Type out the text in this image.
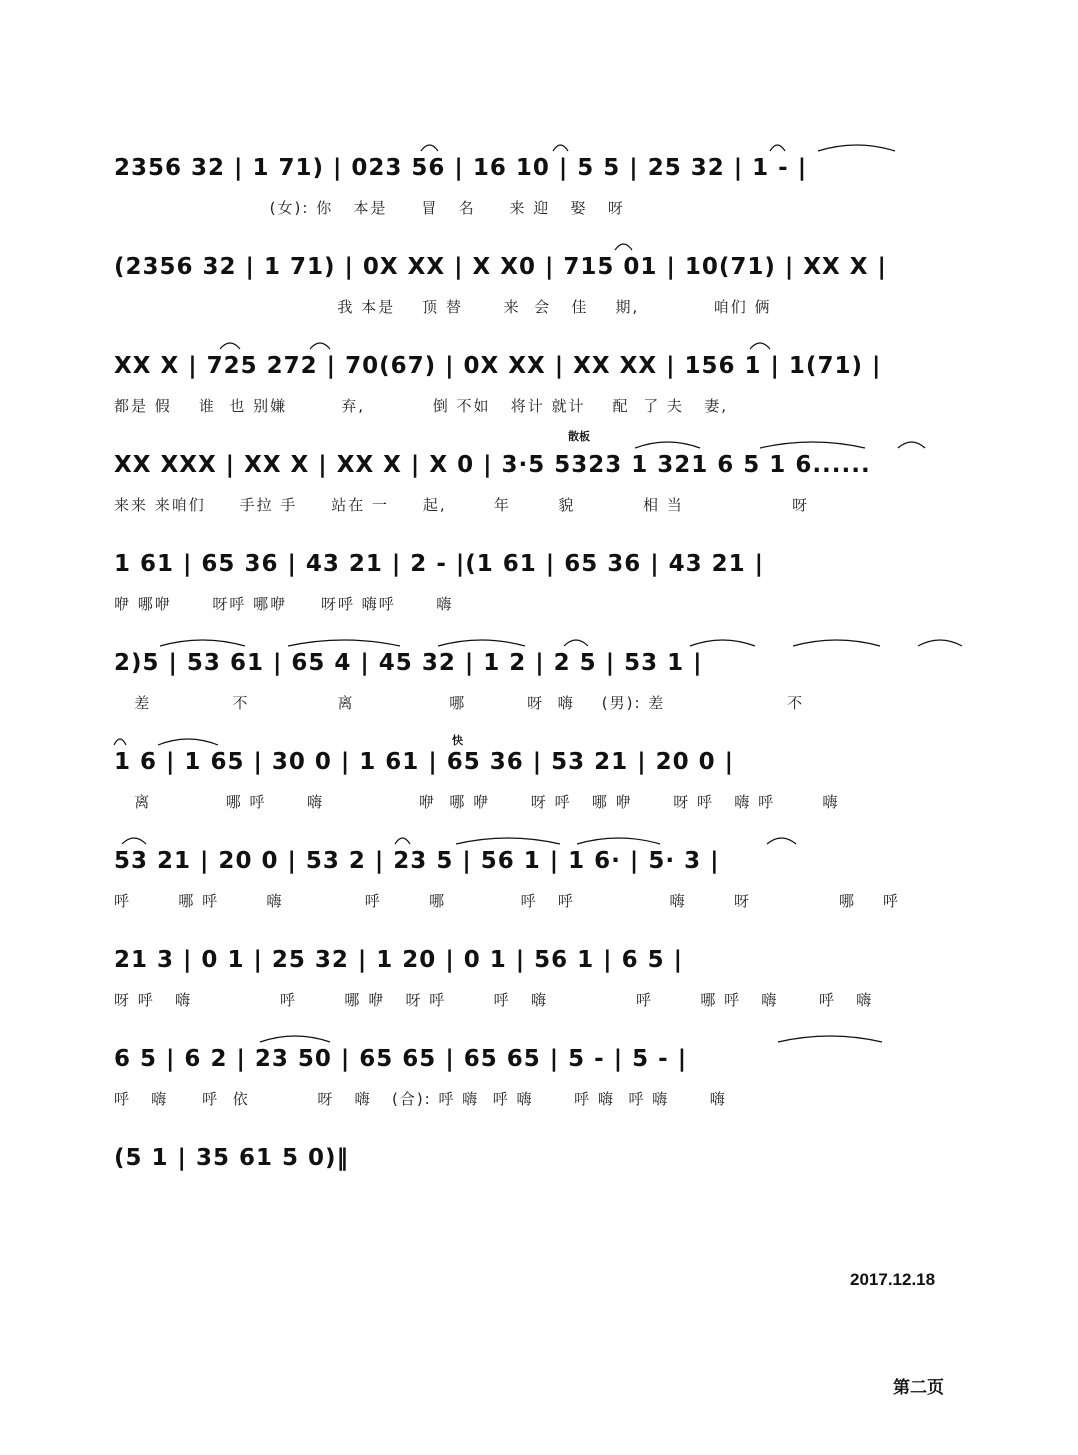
2356 32 | 1 71) | 023 56 | 16 10 | 5 5 | 25 32 | 1 - |
(女): 你   本是     冒   名     来 迎   娶   呀
(2356 32 | 1 71) | 0X XX | X X0 | 715 01 | 10(71) | XX X |
我 本是    顶 替      来  会   佳    期,           咱们 俩
XX X | 725 272 | 70(67) | 0X XX | XX XX | 156 1 | 1(71) |
都是 假    谁  也 别嫌        弃,          倒 不如   将计 就计    配  了 夫   妻,
散板
XX XXX | XX X | XX X | X 0 | 3·5 5323 1 321 6 5 1 6......
来来 来咱们     手拉 手     站在 一     起,       年       貌          相 当                呀
1 61 | 65 36 | 43 21 | 2 - |(1 61 | 65 36 | 43 21 |
咿 哪咿      呀呼 哪咿     呀呼 嗨呼      嗨
2)5 | 53 61 | 65 4 | 45 32 | 1 2 | 2 5 | 53 1 |
差            不             离              哪         呀  嗨    (男): 差                  不
快
1 6 | 1 65 | 30 0 | 1 61 | 65 36 | 53 21 | 20 0 |
离           哪 呼      嗨              咿  哪 咿      呀 呼   哪 咿      呀 呼   嗨 呼       嗨
53 21 | 20 0 | 53 2 | 23 5 | 56 1 | 1 6· | 5· 3 |
呼       哪 呼       嗨            呼       哪           呼   呼              嗨       呀             哪    呼
21 3 | 0 1 | 25 32 | 1 20 | 0 1 | 56 1 | 6 5 |
呀 呼   嗨             呼       哪 咿   呀 呼       呼   嗨             呼       哪 呼   嗨      呼   嗨
6 5 | 6 2 | 23 50 | 65 65 | 65 65 | 5 - | 5 - |
呼   嗨     呼  依          呀   嗨   (合): 呼 嗨  呼 嗨      呼 嗨  呼 嗨      嗨
(5 1 | 35 61 5 0)‖
2017.12.18
第二页
